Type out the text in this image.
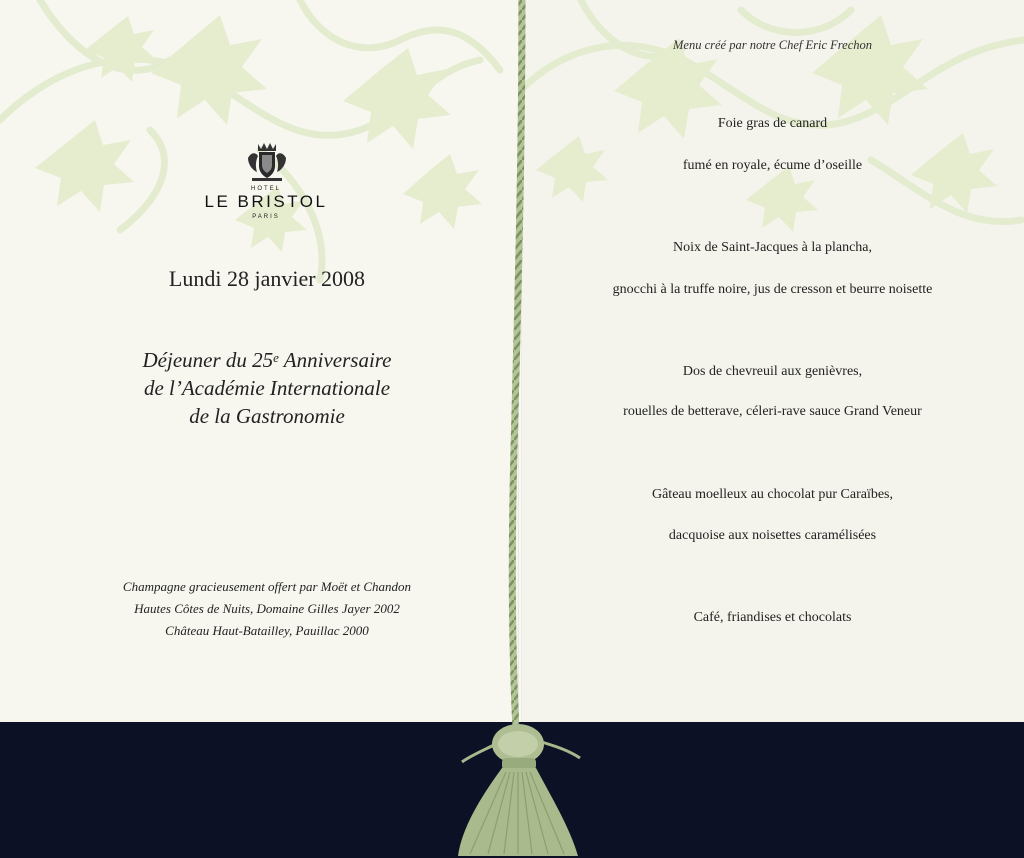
HOTEL
LE BRISTOL
PARIS
Lundi 28 janvier 2008
Déjeuner du 25e Anniversaire
de l’Académie Internationale
de la Gastronomie
Champagne gracieusement offert par Moët et Chandon
Hautes Côtes de Nuits, Domaine Gilles Jayer 2002
Château Haut-Batailley, Pauillac 2000
Menu créé par notre Chef Eric Frechon
Foie gras de canard
fumé en royale, écume d’oseille
Noix de Saint-Jacques à la plancha,
gnocchi à la truffe noire, jus de cresson et beurre noisette
Dos de chevreuil aux genièvres,
rouelles de betterave, céleri-rave sauce Grand Veneur
Gâteau moelleux au chocolat pur Caraïbes,
dacquoise aux noisettes caramélisées
Café, friandises et chocolats
